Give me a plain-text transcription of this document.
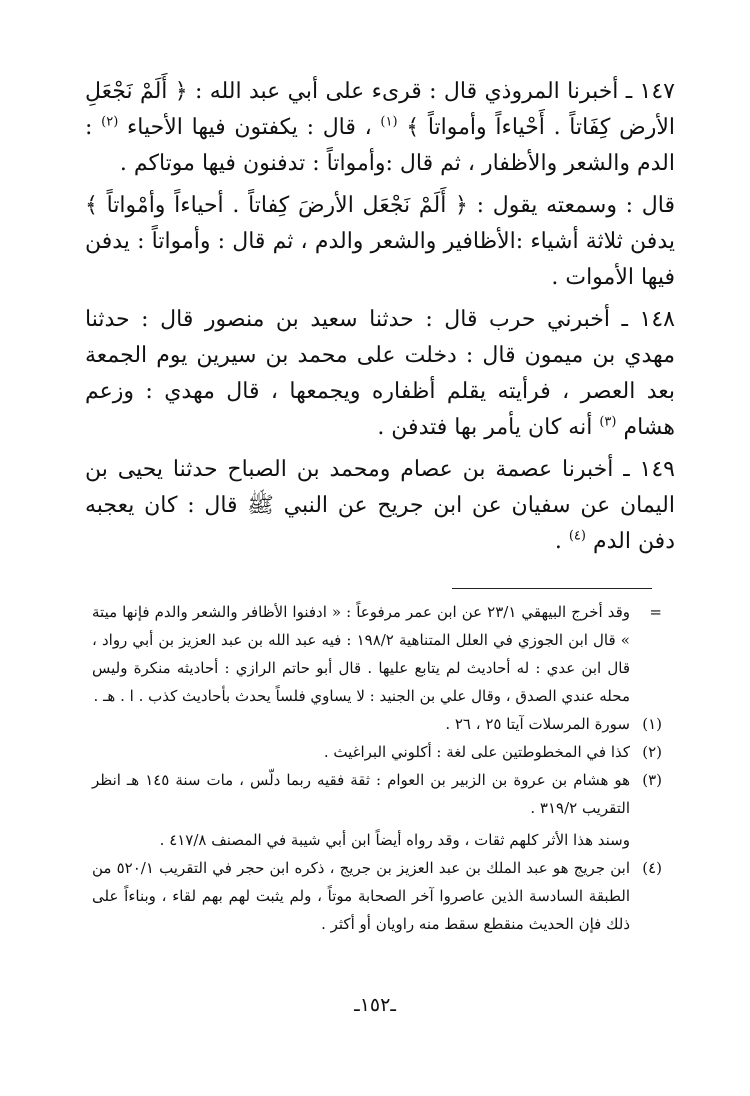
١٤٧ ـ أخبرنا المروذي قال : قرىء على أبي عبد الله : ﴿ أَلَمْ نَجْعَلِ الأرض كِفَاتاً . أَحْياءاً وأمواتاً ﴾ $^{(١)}$ ، قال : يكفتون فيها الأحياء $^{(٢)}$ : الدم والشعر والأظفار ، ثم قال :وأمواتاً : تدفنون فيها موتاكم .

قال : وسمعته يقول : ﴿ أَلَمْ نَجْعَل الأرضَ كِفاتاً . أحياءاً وأمْواتاً ﴾ يدفن ثلاثة أشياء :الأظافير والشعر والدم ، ثم قال : وأمواتاً : يدفن فيها الأموات .

١٤٨ ـ أخبرني حرب قال : حدثنا سعيد بن منصور قال : حدثنا مهدي بن ميمون قال : دخلت على محمد بن سيرين يوم الجمعة بعد العصر ، فرأيته يقلم أظفاره ويجمعها ، قال مهدي : وزعم هشام $^{(٣)}$ أنه كان يأمر بها فتدفن .

١٤٩ ـ أخبرنا عصمة بن عصام ومحمد بن الصباح حدثنا يحيى بن اليمان عن سفيان عن ابن جريح عن النبي ﷺ قال : كان يعجبه دفن الدم $^{(٤)}$ .

=
وقد أخرج البيهقي ٢٣/١ عن ابن عمر مرفوعاً : « ادفنوا الأظافر والشعر والدم فإنها ميتة » قال ابن الجوزي في العلل المتناهية ١٩٨/٢ : فيه عبد الله بن عبد العزيز بن أبي رواد ، قال ابن عدي : له أحاديث لم يتابع عليها . قال أبو حاتم الرازي : أحاديثه منكرة وليس محله عندي الصدق ، وقال علي بن الجنيد : لا يساوي فلساً يحدث بأحاديث كذب . ا . هـ .
(١)
سورة المرسلات آيتا ٢٥ ، ٢٦ .
(٢)
كذا في المخطوطتين على لغة : أكلوني البراغيث .
(٣)
هو هشام بن عروة بن الزبير بن العوام : ثقة فقيه ربما دلّس ، مات سنة ١٤٥ هـ انظر التقريب ٣١٩/٢ .
وسند هذا الأثر كلهم ثقات ، وقد رواه أيضاً ابن أبي شيبة في المصنف ٤١٧/٨ .
(٤)
ابن جريج هو عبد الملك بن عبد العزيز بن جريج ، ذكره ابن حجر في التقريب ٥٢٠/١ من الطبقة السادسة الذين عاصروا آخر الصحابة موتاً ، ولم يثبت لهم بهم لقاء ، وبناءاً على ذلك فإن الحديث منقطع سقط منه راويان أو أكثر .
ـ١٥٢ـ
